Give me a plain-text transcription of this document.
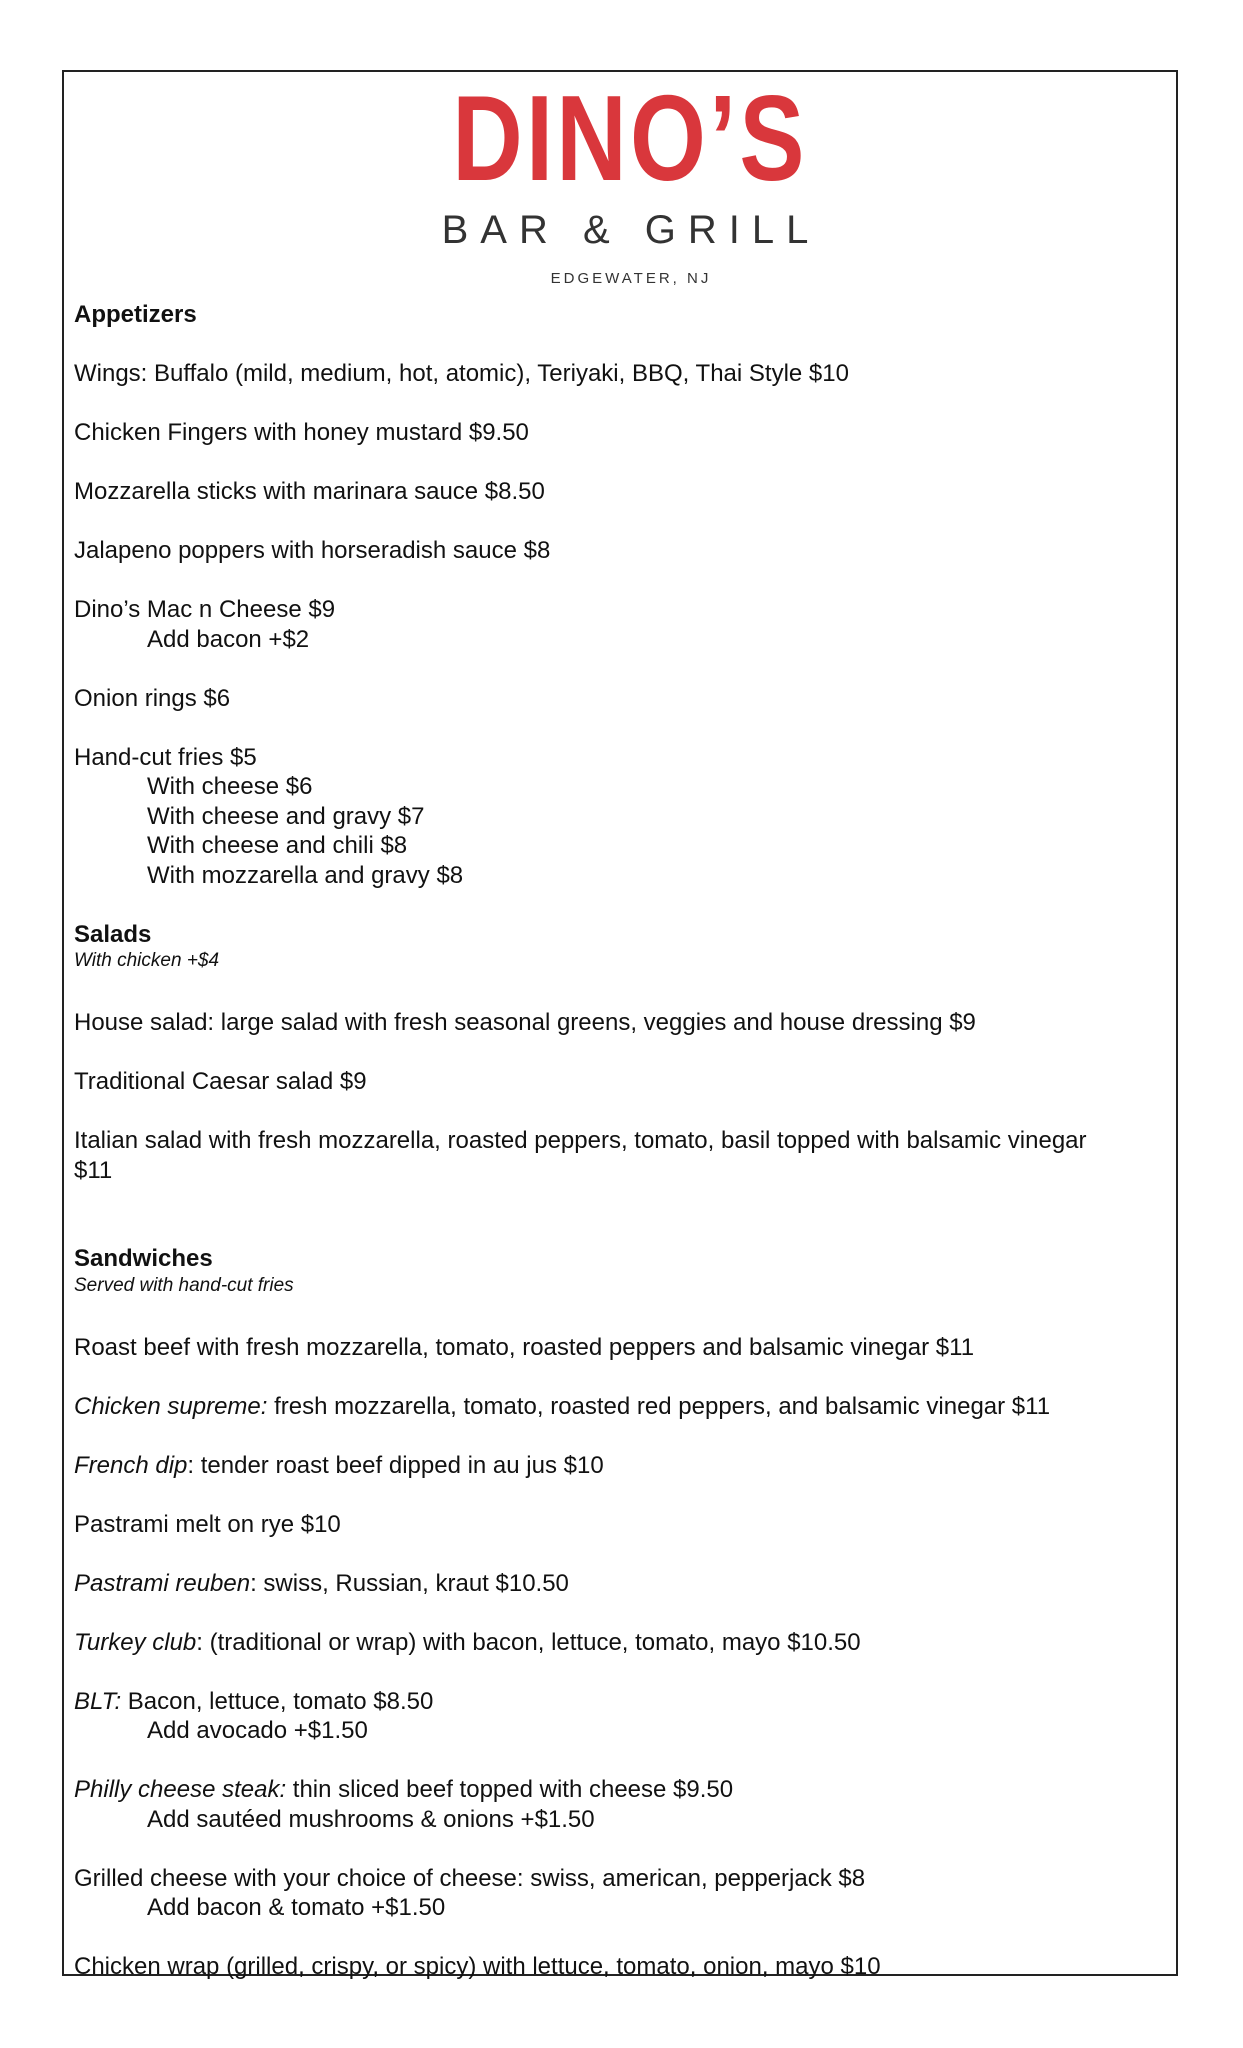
DINO’S
BAR & GRILL
EDGEWATER, NJ

Appetizers

Wings: Buffalo (mild, medium, hot, atomic), Teriyaki, BBQ, Thai Style $10

Chicken Fingers with honey mustard $9.50

Mozzarella sticks with marinara sauce $8.50

Jalapeno poppers with horseradish sauce $8

Dino’s Mac n Cheese $9

Add bacon +$2

Onion rings $6

Hand-cut fries $5

With cheese $6

With cheese and gravy $7

With cheese and chili $8

With mozzarella and gravy $8

Salads

With chicken +$4

House salad: large salad with fresh seasonal greens, veggies and house dressing $9

Traditional Caesar salad $9

Italian salad with fresh mozzarella, roasted peppers, tomato, basil topped with balsamic vinegar

$11

Sandwiches

Served with hand-cut fries

Roast beef with fresh mozzarella, tomato, roasted peppers and balsamic vinegar $11

Chicken supreme: fresh mozzarella, tomato, roasted red peppers, and balsamic vinegar $11

French dip: tender roast beef dipped in au jus $10

Pastrami melt on rye $10

Pastrami reuben: swiss, Russian, kraut $10.50

Turkey club: (traditional or wrap) with bacon, lettuce, tomato, mayo $10.50

BLT: Bacon, lettuce, tomato $8.50

Add avocado +$1.50

Philly cheese steak: thin sliced beef topped with cheese $9.50

Add sautéed mushrooms & onions +$1.50

Grilled cheese with your choice of cheese: swiss, american, pepperjack $8

Add bacon & tomato +$1.50

Chicken wrap (grilled, crispy, or spicy) with lettuce, tomato, onion, mayo $10
